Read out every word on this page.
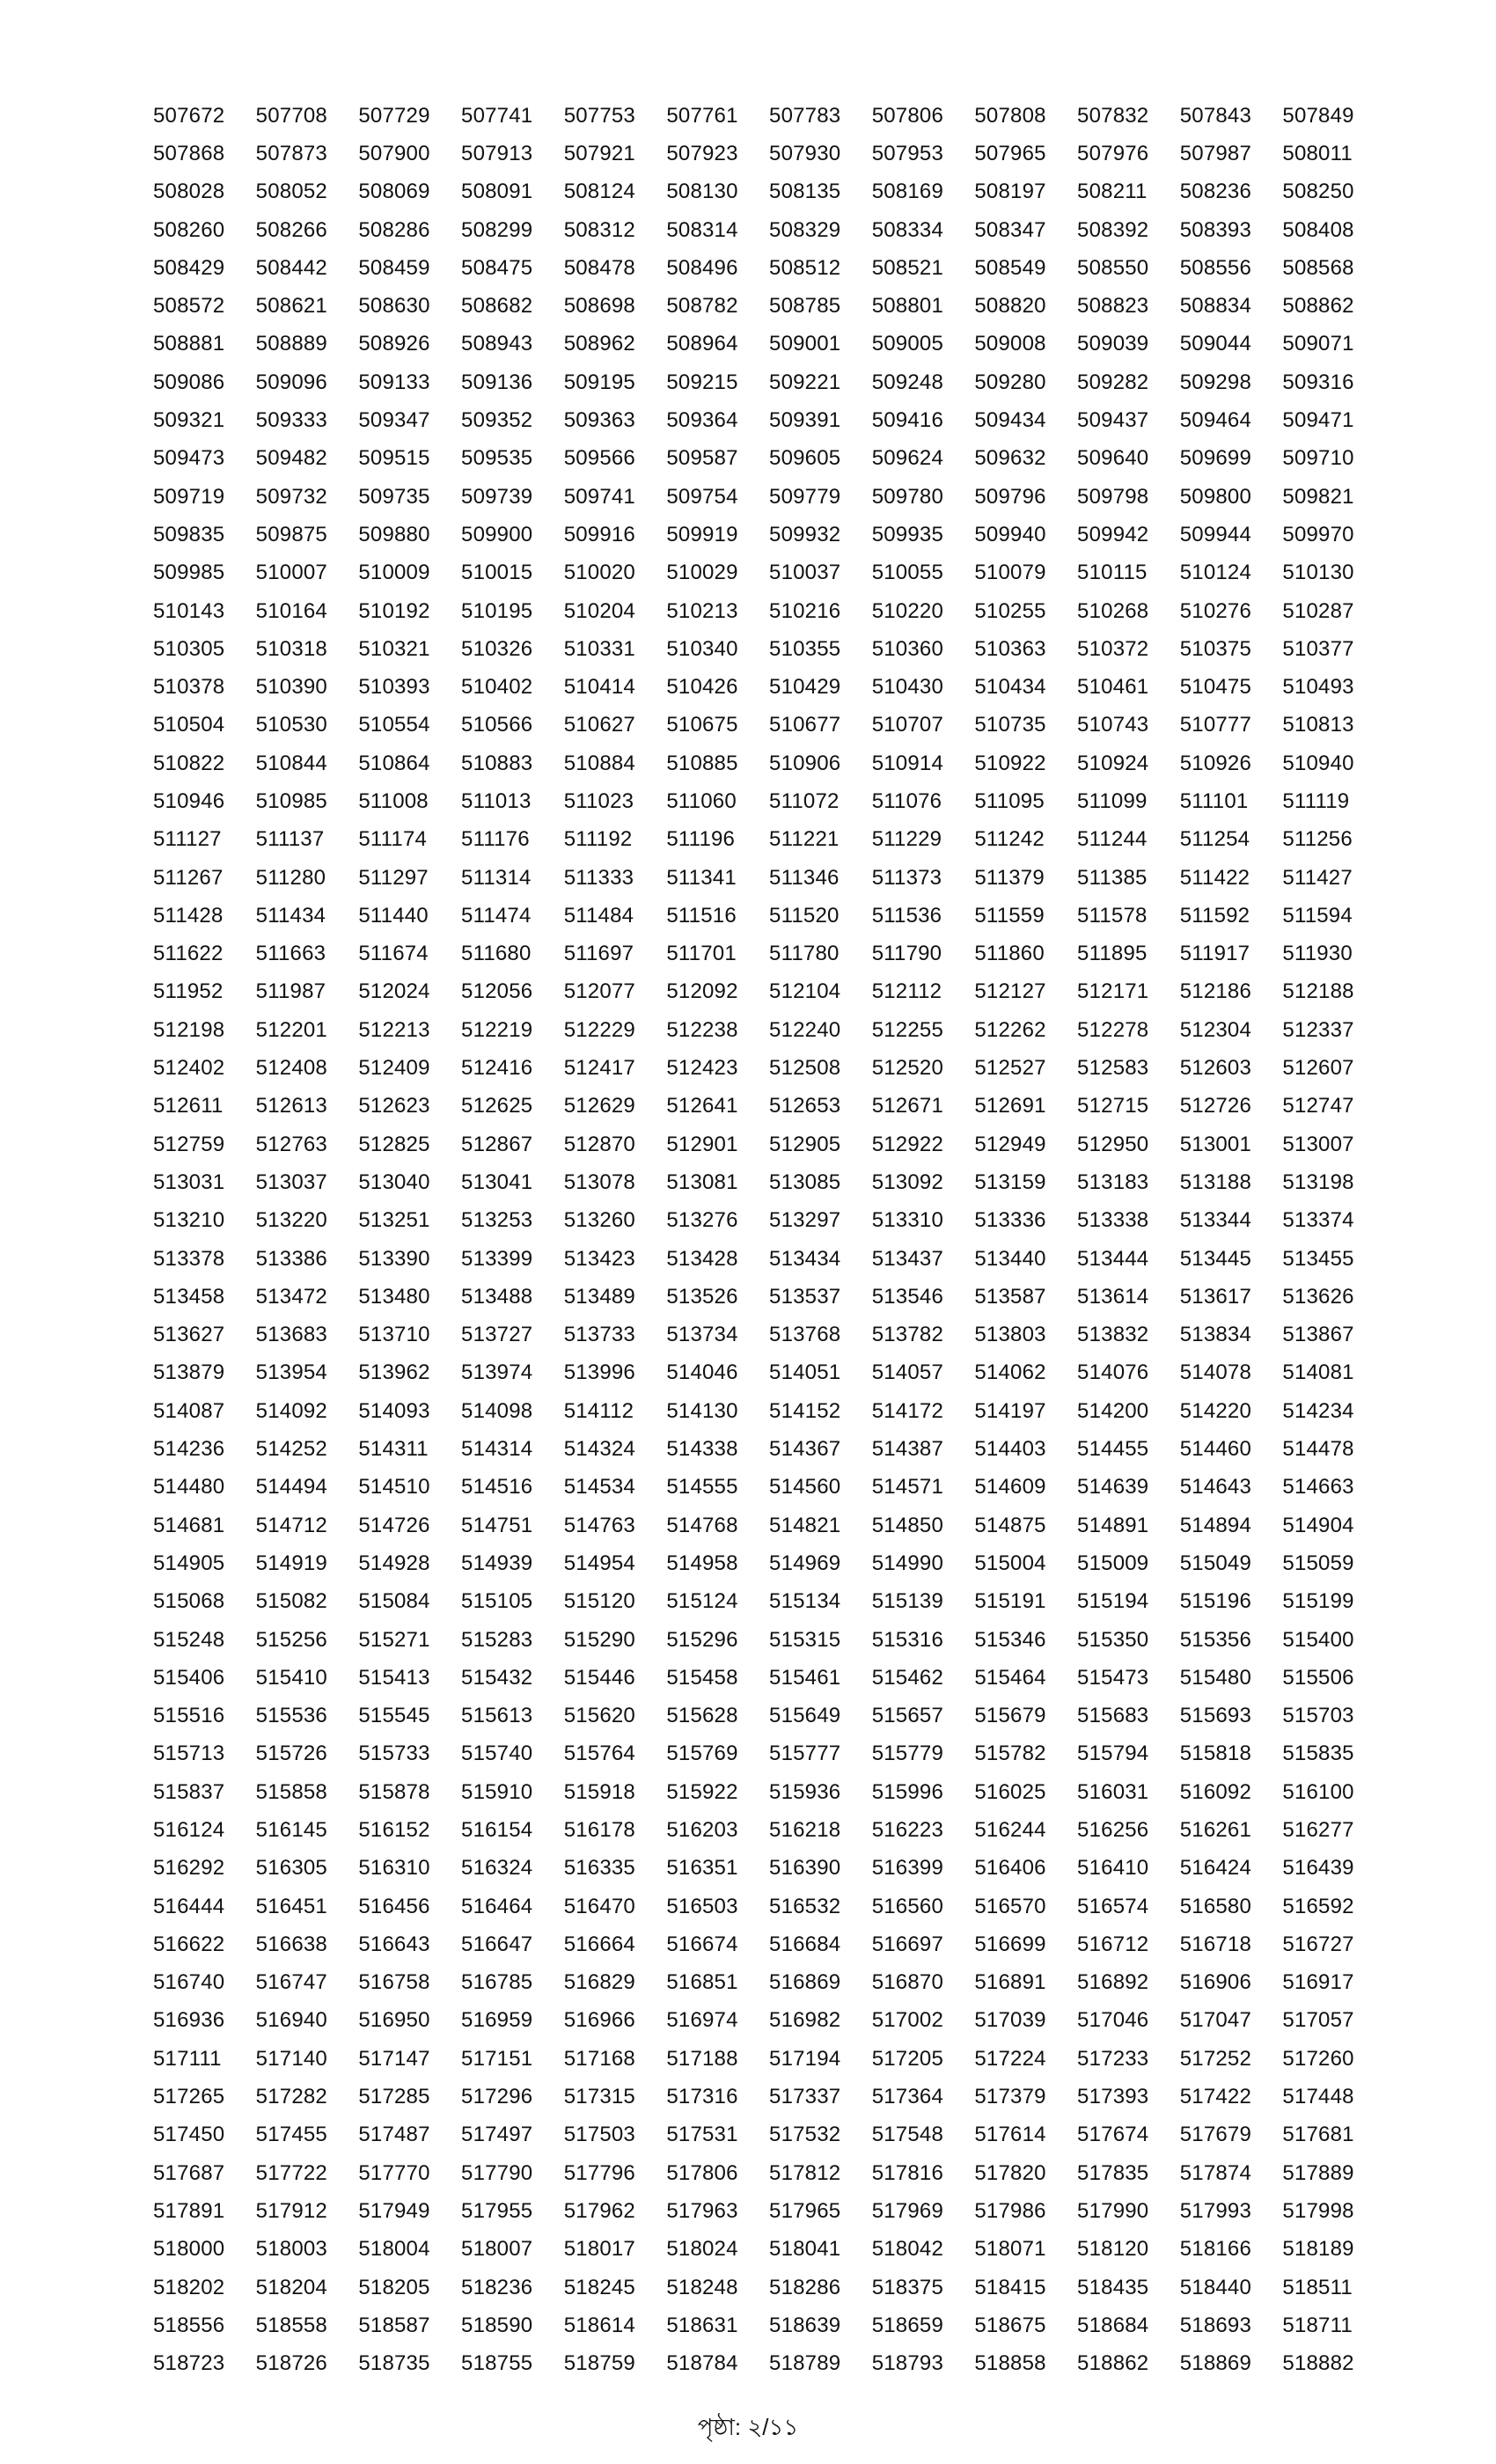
507672	507708	507729	507741	507753	507761	507783	507806	507808	507832	507843	507849
507868	507873	507900	507913	507921	507923	507930	507953	507965	507976	507987	508011
508028	508052	508069	508091	508124	508130	508135	508169	508197	508211	508236	508250
508260	508266	508286	508299	508312	508314	508329	508334	508347	508392	508393	508408
508429	508442	508459	508475	508478	508496	508512	508521	508549	508550	508556	508568
508572	508621	508630	508682	508698	508782	508785	508801	508820	508823	508834	508862
508881	508889	508926	508943	508962	508964	509001	509005	509008	509039	509044	509071
509086	509096	509133	509136	509195	509215	509221	509248	509280	509282	509298	509316
509321	509333	509347	509352	509363	509364	509391	509416	509434	509437	509464	509471
509473	509482	509515	509535	509566	509587	509605	509624	509632	509640	509699	509710
509719	509732	509735	509739	509741	509754	509779	509780	509796	509798	509800	509821
509835	509875	509880	509900	509916	509919	509932	509935	509940	509942	509944	509970
509985	510007	510009	510015	510020	510029	510037	510055	510079	510115	510124	510130
510143	510164	510192	510195	510204	510213	510216	510220	510255	510268	510276	510287
510305	510318	510321	510326	510331	510340	510355	510360	510363	510372	510375	510377
510378	510390	510393	510402	510414	510426	510429	510430	510434	510461	510475	510493
510504	510530	510554	510566	510627	510675	510677	510707	510735	510743	510777	510813
510822	510844	510864	510883	510884	510885	510906	510914	510922	510924	510926	510940
510946	510985	511008	511013	511023	511060	511072	511076	511095	511099	511101	511119
511127	511137	511174	511176	511192	511196	511221	511229	511242	511244	511254	511256
511267	511280	511297	511314	511333	511341	511346	511373	511379	511385	511422	511427
511428	511434	511440	511474	511484	511516	511520	511536	511559	511578	511592	511594
511622	511663	511674	511680	511697	511701	511780	511790	511860	511895	511917	511930
511952	511987	512024	512056	512077	512092	512104	512112	512127	512171	512186	512188
512198	512201	512213	512219	512229	512238	512240	512255	512262	512278	512304	512337
512402	512408	512409	512416	512417	512423	512508	512520	512527	512583	512603	512607
512611	512613	512623	512625	512629	512641	512653	512671	512691	512715	512726	512747
512759	512763	512825	512867	512870	512901	512905	512922	512949	512950	513001	513007
513031	513037	513040	513041	513078	513081	513085	513092	513159	513183	513188	513198
513210	513220	513251	513253	513260	513276	513297	513310	513336	513338	513344	513374
513378	513386	513390	513399	513423	513428	513434	513437	513440	513444	513445	513455
513458	513472	513480	513488	513489	513526	513537	513546	513587	513614	513617	513626
513627	513683	513710	513727	513733	513734	513768	513782	513803	513832	513834	513867
513879	513954	513962	513974	513996	514046	514051	514057	514062	514076	514078	514081
514087	514092	514093	514098	514112	514130	514152	514172	514197	514200	514220	514234
514236	514252	514311	514314	514324	514338	514367	514387	514403	514455	514460	514478
514480	514494	514510	514516	514534	514555	514560	514571	514609	514639	514643	514663
514681	514712	514726	514751	514763	514768	514821	514850	514875	514891	514894	514904
514905	514919	514928	514939	514954	514958	514969	514990	515004	515009	515049	515059
515068	515082	515084	515105	515120	515124	515134	515139	515191	515194	515196	515199
515248	515256	515271	515283	515290	515296	515315	515316	515346	515350	515356	515400
515406	515410	515413	515432	515446	515458	515461	515462	515464	515473	515480	515506
515516	515536	515545	515613	515620	515628	515649	515657	515679	515683	515693	515703
515713	515726	515733	515740	515764	515769	515777	515779	515782	515794	515818	515835
515837	515858	515878	515910	515918	515922	515936	515996	516025	516031	516092	516100
516124	516145	516152	516154	516178	516203	516218	516223	516244	516256	516261	516277
516292	516305	516310	516324	516335	516351	516390	516399	516406	516410	516424	516439
516444	516451	516456	516464	516470	516503	516532	516560	516570	516574	516580	516592
516622	516638	516643	516647	516664	516674	516684	516697	516699	516712	516718	516727
516740	516747	516758	516785	516829	516851	516869	516870	516891	516892	516906	516917
516936	516940	516950	516959	516966	516974	516982	517002	517039	517046	517047	517057
517111	517140	517147	517151	517168	517188	517194	517205	517224	517233	517252	517260
517265	517282	517285	517296	517315	517316	517337	517364	517379	517393	517422	517448
517450	517455	517487	517497	517503	517531	517532	517548	517614	517674	517679	517681
517687	517722	517770	517790	517796	517806	517812	517816	517820	517835	517874	517889
517891	517912	517949	517955	517962	517963	517965	517969	517986	517990	517993	517998
518000	518003	518004	518007	518017	518024	518041	518042	518071	518120	518166	518189
518202	518204	518205	518236	518245	518248	518286	518375	518415	518435	518440	518511
518556	518558	518587	518590	518614	518631	518639	518659	518675	518684	518693	518711
518723	518726	518735	518755	518759	518784	518789	518793	518858	518862	518869	518882
পৃষ্ঠা: ২/১১
